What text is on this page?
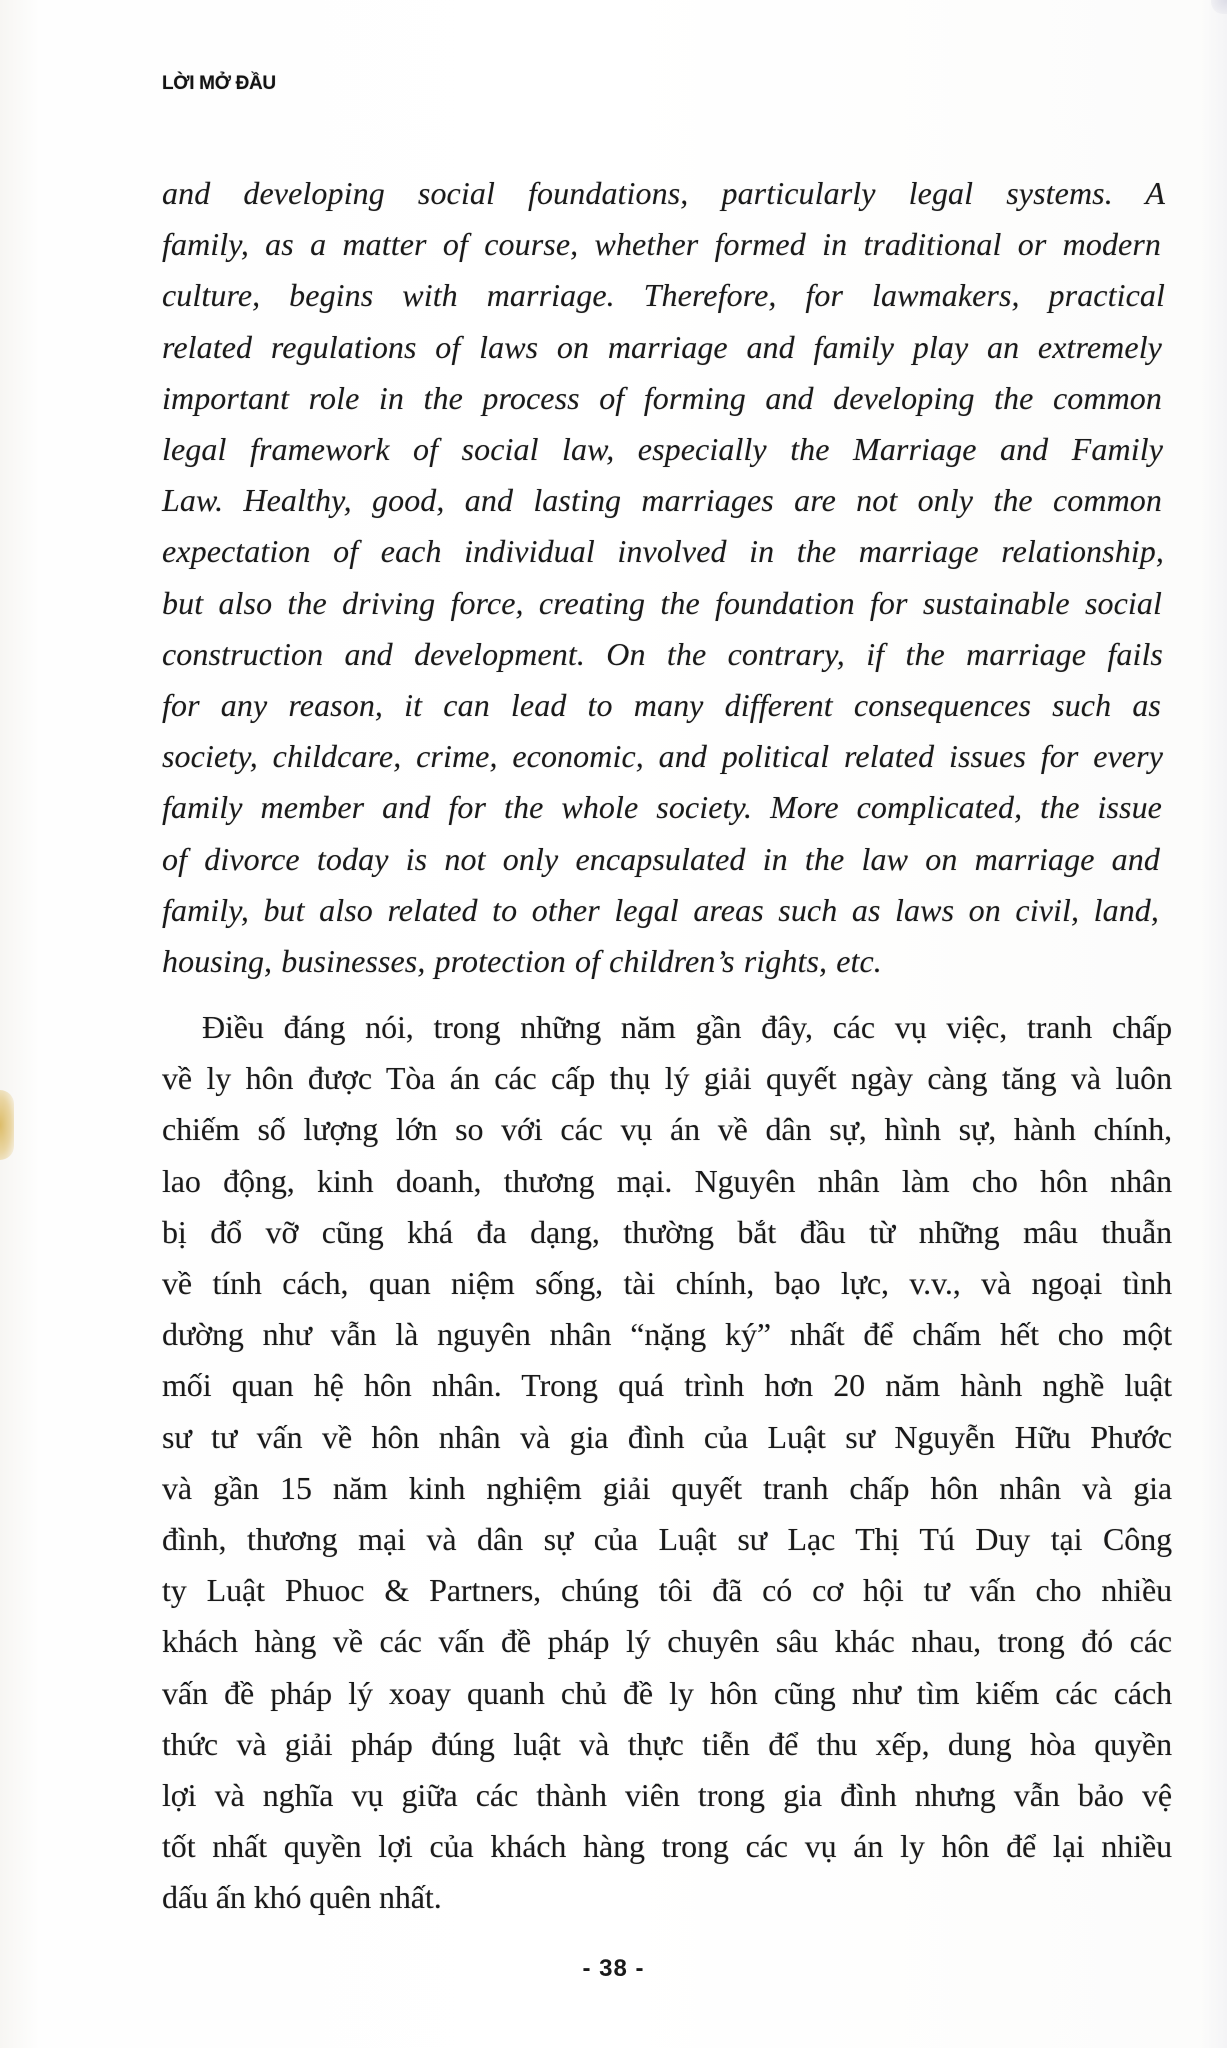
LỜI MỞ ĐẦU
and developing social foundations, particularly legal systems. A
family, as a matter of course, whether formed in traditional or modern
culture, begins with marriage. Therefore, for lawmakers, practical
related regulations of laws on marriage and family play an extremely
important role in the process of forming and developing the common
legal framework of social law, especially the Marriage and Family
Law. Healthy, good, and lasting marriages are not only the common
expectation of each individual involved in the marriage relationship,
but also the driving force, creating the foundation for sustainable social
construction and development. On the contrary, if the marriage fails
for any reason, it can lead to many different consequences such as
society, childcare, crime, economic, and political related issues for every
family member and for the whole society. More complicated, the issue
of divorce today is not only encapsulated in the law on marriage and
family, but also related to other legal areas such as laws on civil, land,
housing, businesses, protection of children’s rights, etc.
Điều đáng nói, trong những năm gần đây, các vụ việc, tranh chấp
về ly hôn được Tòa án các cấp thụ lý giải quyết ngày càng tăng và luôn
chiếm số lượng lớn so với các vụ án về dân sự, hình sự, hành chính,
lao động, kinh doanh, thương mại. Nguyên nhân làm cho hôn nhân
bị đổ vỡ cũng khá đa dạng, thường bắt đầu từ những mâu thuẫn
về tính cách, quan niệm sống, tài chính, bạo lực, v.v., và ngoại tình
dường như vẫn là nguyên nhân “nặng ký” nhất để chấm hết cho một
mối quan hệ hôn nhân. Trong quá trình hơn 20 năm hành nghề luật
sư tư vấn về hôn nhân và gia đình của Luật sư Nguyễn Hữu Phước
và gần 15 năm kinh nghiệm giải quyết tranh chấp hôn nhân và gia
đình, thương mại và dân sự của Luật sư Lạc Thị Tú Duy tại Công
ty Luật Phuoc & Partners, chúng tôi đã có cơ hội tư vấn cho nhiều
khách hàng về các vấn đề pháp lý chuyên sâu khác nhau, trong đó các
vấn đề pháp lý xoay quanh chủ đề ly hôn cũng như tìm kiếm các cách
thức và giải pháp đúng luật và thực tiễn để thu xếp, dung hòa quyền
lợi và nghĩa vụ giữa các thành viên trong gia đình nhưng vẫn bảo vệ
tốt nhất quyền lợi của khách hàng trong các vụ án ly hôn để lại nhiều
dấu ấn khó quên nhất.
- 38 -
